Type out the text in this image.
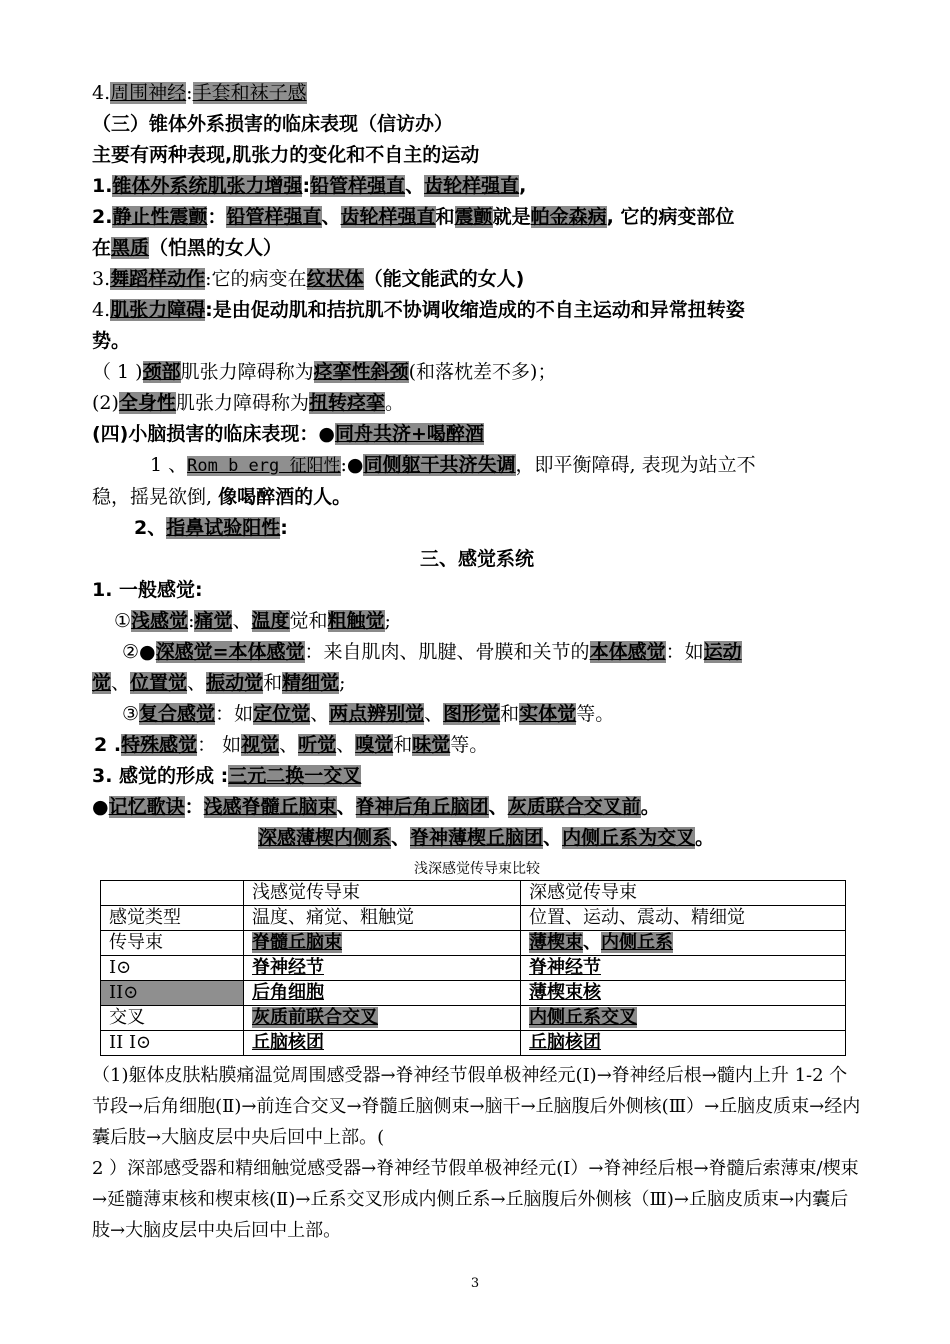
4.周围神经:手套和袜子感
（三）锥体外系损害的临床表现（信访办）
主要有两种表现,肌张力的变化和不自主的运动
1.锥体外系统肌张力增强:铅管样强直、齿轮样强直,
2.静止性震颤：铅管样强直、齿轮样强直和震颤就是帕金森病, 它的病变部位
在黑质（怕黑的女人）
3.舞蹈样动作:它的病变在纹状体（能文能武的女人)
4.肌张力障碍:是由促动肌和拮抗肌不协调收缩造成的不自主运动和异常扭转姿
势。
（ 1 )颈部肌张力障碍称为痉挛性斜颈(和落枕差不多)；
(2)全身性肌张力障碍称为扭转痉挛。
(四)小脑损害的临床表现：●同舟共济+喝醉酒
1 、Rom b erg 征阳性:●同侧躯干共济失调，即平衡障碍, 表现为站立不
稳，摇晃欲倒, 像喝醉酒的人。
2、指鼻试验阳性:
三、感觉系统
1. 一般感觉:
①浅感觉:痛觉、温度觉和粗触觉;
②●深感觉=本体感觉：来自肌肉、肌腱、骨膜和关节的本体感觉：如运动
觉、位置觉、振动觉和精细觉;
③复合感觉：如定位觉、两点辨别觉、图形觉和实体觉等。
2 .特殊感觉： 如视觉、听觉、嗅觉和味觉等。
3. 感觉的形成 :三元二换一交叉
●记忆歌诀：浅感脊髓丘脑束、脊神后角丘脑团、灰质联合交叉前。
深感薄楔内侧系、脊神薄楔丘脑团、内侧丘系为交叉。
浅深感觉传导束比较
	浅感觉传导束	深感觉传导束
感觉类型	温度、痛觉、粗触觉	位置、运动、震动、精细觉
传导束	脊髓丘脑束	薄楔束、内侧丘系
Ⅰ⊙	脊神经节	脊神经节
II⊙	后角细胞	薄楔束核
交叉	灰质前联合交叉	内侧丘系交叉
II Ⅰ⊙	丘脑核团	丘脑核团
（1)躯体皮肤粘膜痛温觉周围感受器→脊神经节假单极神经元(I)→脊神经后根→髓内上升 1-2 个节段→后角细胞(Ⅱ)→前连合交叉→脊髓丘脑侧束→脑干→丘脑腹后外侧核(Ⅲ）→丘脑皮质束→经内囊后肢→大脑皮层中央后回中上部。(
2 ）深部感受器和精细触觉感受器→脊神经节假单极神经元(I）→脊神经后根→脊髓后索薄束/楔束→延髓薄束核和楔束核(Ⅱ)→丘系交叉形成内侧丘系→丘脑腹后外侧核（Ⅲ)→丘脑皮质束→内囊后肢→大脑皮层中央后回中上部。
3
